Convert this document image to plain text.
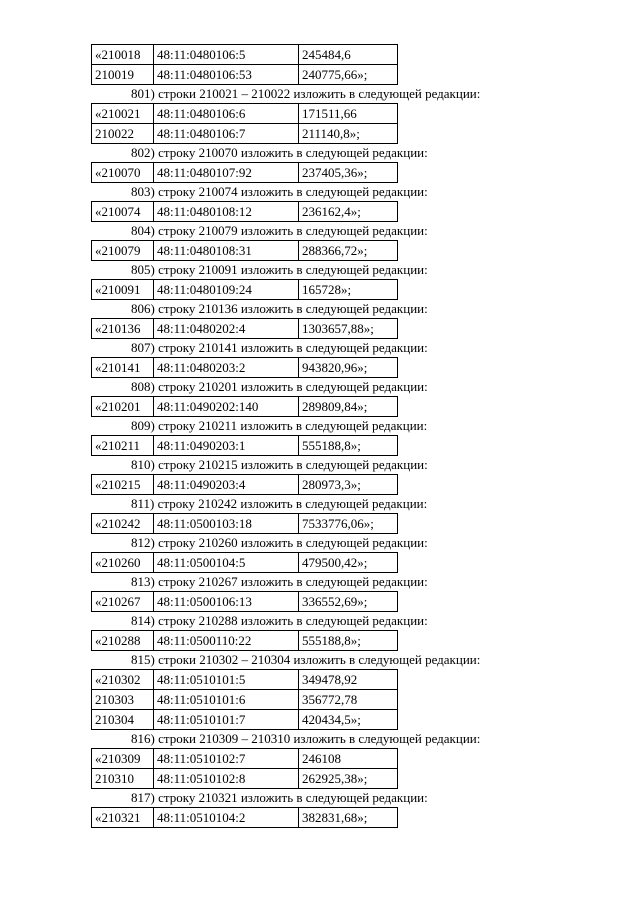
«210018	48:11:0480106:5	245484,6
210019	48:11:0480106:53	240775,66»;
801) строки 210021 – 210022 изложить в следующей редакции:
«210021	48:11:0480106:6	171511,66
210022	48:11:0480106:7	211140,8»;
802) строку 210070 изложить в следующей редакции:
«210070	48:11:0480107:92	237405,36»;
803) строку 210074 изложить в следующей редакции:
«210074	48:11:0480108:12	236162,4»;
804) строку 210079 изложить в следующей редакции:
«210079	48:11:0480108:31	288366,72»;
805) строку 210091 изложить в следующей редакции:
«210091	48:11:0480109:24	165728»;
806) строку 210136 изложить в следующей редакции:
«210136	48:11:0480202:4	1303657,88»;
807) строку 210141 изложить в следующей редакции:
«210141	48:11:0480203:2	943820,96»;
808) строку 210201 изложить в следующей редакции:
«210201	48:11:0490202:140	289809,84»;
809) строку 210211 изложить в следующей редакции:
«210211	48:11:0490203:1	555188,8»;
810) строку 210215 изложить в следующей редакции:
«210215	48:11:0490203:4	280973,3»;
811) строку 210242 изложить в следующей редакции:
«210242	48:11:0500103:18	7533776,06»;
812) строку 210260 изложить в следующей редакции:
«210260	48:11:0500104:5	479500,42»;
813) строку 210267 изложить в следующей редакции:
«210267	48:11:0500106:13	336552,69»;
814) строку 210288 изложить в следующей редакции:
«210288	48:11:0500110:22	555188,8»;
815) строки 210302 – 210304 изложить в следующей редакции:
«210302	48:11:0510101:5	349478,92
210303	48:11:0510101:6	356772,78
210304	48:11:0510101:7	420434,5»;
816) строки 210309 – 210310 изложить в следующей редакции:
«210309	48:11:0510102:7	246108
210310	48:11:0510102:8	262925,38»;
817) строку 210321 изложить в следующей редакции:
«210321	48:11:0510104:2	382831,68»;
